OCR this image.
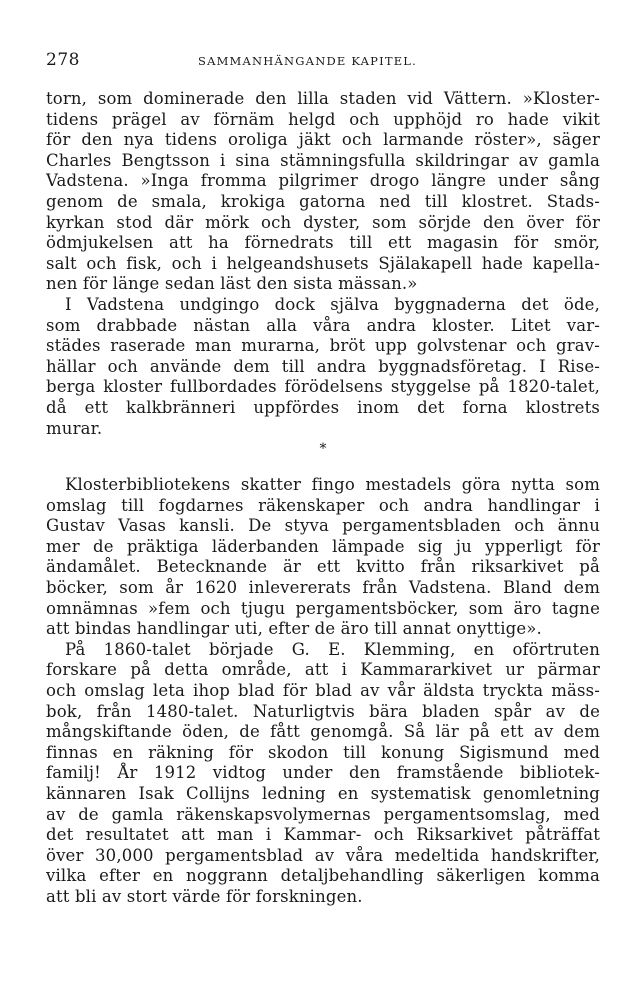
278	SAMMANHÄNGANDE KAPITEL.
torn, som dominerade den lilla staden vid Vättern. »Kloster-
tidens prägel av förnäm helgd och upphöjd ro hade vikit
för den nya tidens oroliga jäkt och larmande röster», säger
Charles Bengtsson i sina stämningsfulla skildringar av gamla
Vadstena. »Inga fromma pilgrimer drogo längre under sång
genom de smala, krokiga gatorna ned till klostret. Stads-
kyrkan stod där mörk och dyster, som sörjde den över för
ödmjukelsen att ha förnedrats till ett magasin för smör,
salt och fisk, och i helgeandshusets Själakapell hade kapella-
nen för länge sedan läst den sista mässan.»
I Vadstena undgingo dock själva byggnaderna det öde,
som drabbade nästan alla våra andra kloster. Litet var-
städes raserade man murarna, bröt upp golvstenar och grav-
hällar och använde dem till andra byggnadsföretag. I Rise-
berga kloster fullbordades förödelsens styggelse på 1820-talet,
då ett kalkbränneri uppfördes inom det forna klostrets
murar.
*
Klosterbibliotekens skatter fingo mestadels göra nytta som
omslag till fogdarnes räkenskaper och andra handlingar i
Gustav Vasas kansli. De styva pergamentsbladen och ännu
mer de präktiga läderbanden lämpade sig ju ypperligt för
ändamålet. Betecknande är ett kvitto från riksarkivet på
böcker, som år 1620 inlevererats från Vadstena. Bland dem
omnämnas »fem och tjugu pergamentsböcker, som äro tagne
att bindas handlingar uti, efter de äro till annat onyttige».
På 1860-talet började G. E. Klemming, en oförtruten
forskare på detta område, att i Kammararkivet ur pärmar
och omslag leta ihop blad för blad av vår äldsta tryckta mäss-
bok, från 1480-talet. Naturligtvis bära bladen spår av de
mångskiftande öden, de fått genomgå. Så lär på ett av dem
finnas en räkning för skodon till konung Sigismund med
familj! År 1912 vidtog under den framstående bibliotek-
kännaren Isak Collijns ledning en systematisk genomletning
av de gamla räkenskapsvolymernas pergamentsomslag, med
det resultatet att man i Kammar- och Riksarkivet påträffat
över 30,000 pergamentsblad av våra medeltida handskrifter,
vilka efter en noggrann detaljbehandling säkerligen komma
att bli av stort värde för forskningen.
